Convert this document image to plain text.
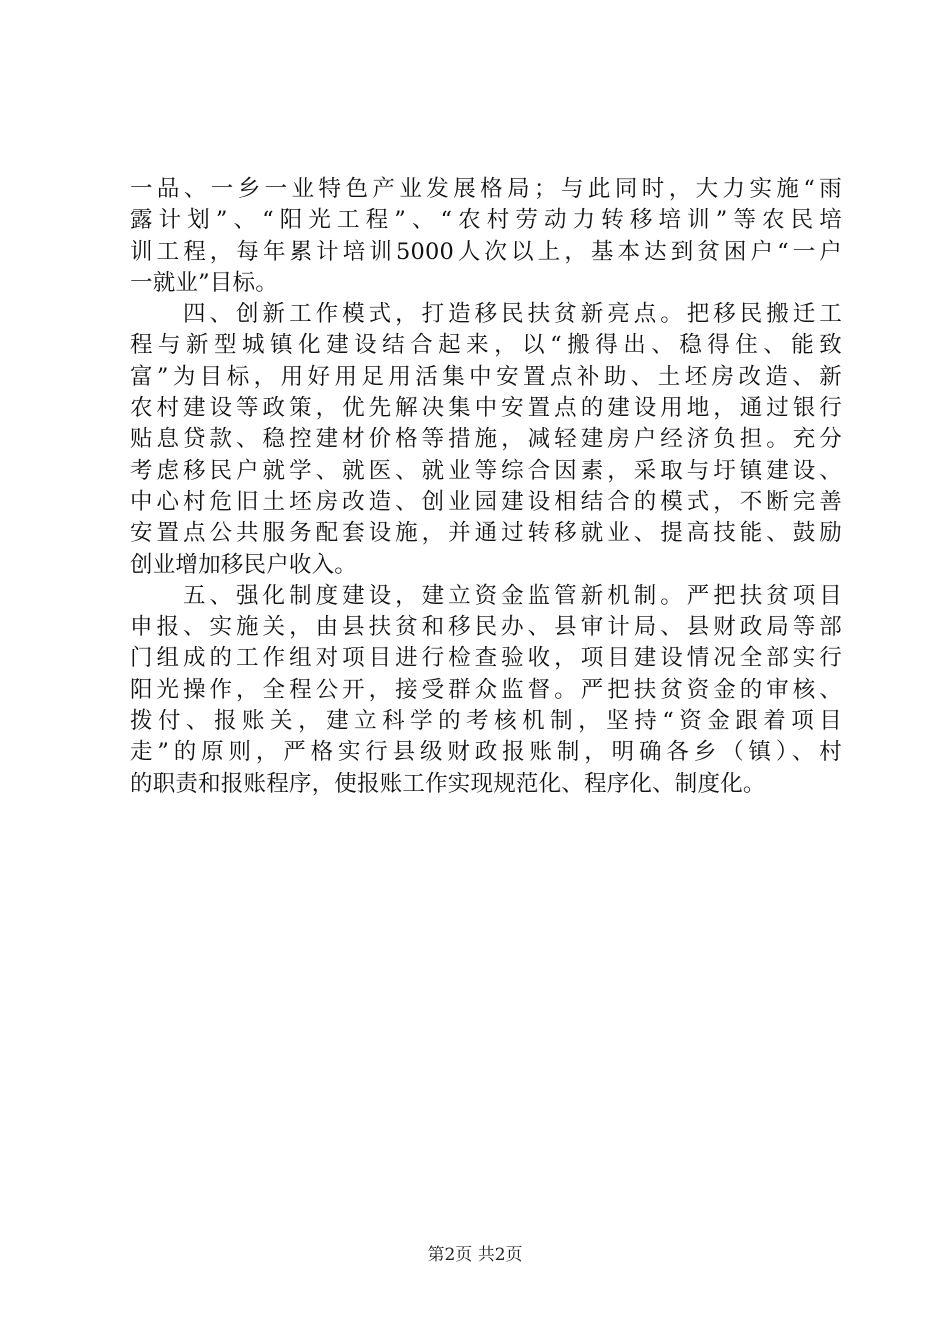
一品、一乡一业特色产业发展格局；与此同时，大力实施“雨
露计划”、“阳光工程”、“农村劳动力转移培训”等农民培
训工程，每年累计培训5000人次以上，基本达到贫困户“一户
一就业”目标。
　　四、创新工作模式，打造移民扶贫新亮点。把移民搬迁工
程与新型城镇化建设结合起来，以“搬得出、稳得住、能致
富”为目标，用好用足用活集中安置点补助、土坯房改造、新
农村建设等政策，优先解决集中安置点的建设用地，通过银行
贴息贷款、稳控建材价格等措施，减轻建房户经济负担。充分
考虑移民户就学、就医、就业等综合因素，采取与圩镇建设、
中心村危旧土坯房改造、创业园建设相结合的模式，不断完善
安置点公共服务配套设施，并通过转移就业、提高技能、鼓励
创业增加移民户收入。
　　五、强化制度建设，建立资金监管新机制。严把扶贫项目
申报、实施关，由县扶贫和移民办、县审计局、县财政局等部
门组成的工作组对项目进行检查验收，项目建设情况全部实行
阳光操作，全程公开，接受群众监督。严把扶贫资金的审核、
拨付、报账关，建立科学的考核机制，坚持“资金跟着项目
走”的原则，严格实行县级财政报账制，明确各乡（镇）、村
的职责和报账程序，使报账工作实现规范化、程序化、制度化。
第2页 共2页
